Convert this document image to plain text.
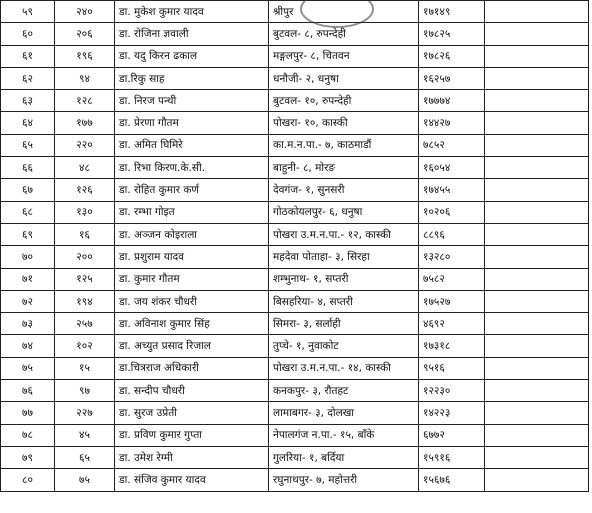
५९	२४०	डा. मुकेश कुमार यादव	श्रीपुर	१७१४९	
६०	२०६	डा. रोजिना ज्ञवाली	बुटवल- ८, रुपन्देही	१७८२५	
६१	१९६	डा. यदु किरन ढकाल	मङ्गलपुर- ८, चितवन	१७८२६	
६२	९४	डा.रिकु साह	धनौजी- २, धनुषा	१६२५७	
६३	१२८	डा. निरज पन्थी	बुटवल- १०, रुपन्देही	१७७७४	
६४	१७७	डा. प्रेरणा गौतम	पोखरा- १०, कास्की	१४४२७	
६५	२२०	डा. अमित घिमिरे	का.म.न.पा.- ७, काठमाडौं	७८५२	
६६	४८	डा. रिभा किरण.के.सी.	बाहुनी- ८, मोरङ	१६०५४	
६७	१२६	डा. रोहित कुमार कर्ण	देवगंज- १, सुनसरी	१७४५५	
६८	१३०	डा. रम्भा गोइत	गोठकोयलपुर- ६, धनुषा	१०२०६	
६९	१६	डा. अञ्जन कोइराला	पोखरा उ.म.न.पा.- १२, कास्की	८८९६	
७०	२००	डा. प्रशुराम यादव	महदेवा पोताहा- ३, सिरहा	१३२८०	
७१	१२५	डा. कुमार गौतम	शम्भुनाथ- १, सप्तरी	७५८२	
७२	१९४	डा. जय शंकर चौधरी	बिसहरिया- ४, सप्तरी	१७५२७	
७३	२५७	डा. अविनाश कुमार सिंह	सिमरा- ३, सर्लाही	४६९२	
७४	१०२	डा. अच्युत प्रसाद रिजाल	तुप्चे- १, नुवाकोट	१७३१८	
७५	१५	डा.चित्रराज अधिकारी	पोखरा उ.म.न.पा.- १४, कास्की	९५१६	
७६	९७	डा. सन्दीप चौधरी	कनकपुर- ३, रौतहट	१२२३०	
७७	२२७	डा. सुरज उप्रेती	लामाबगर- ३, दोलखा	१४२२३	
७८	४५	डा. प्रविण कुमार गुप्ता	नेपालगंज न.पा.- १५, बाँके	६७७२	
७९	६५	डा. उमेश रेग्मी	गुलरिया- १, बर्दिया	१५९१६	
८०	७५	डा. संजिव कुमार यादव	रघुनाथपुर- ७, महोत्तरी	१५६७६	
